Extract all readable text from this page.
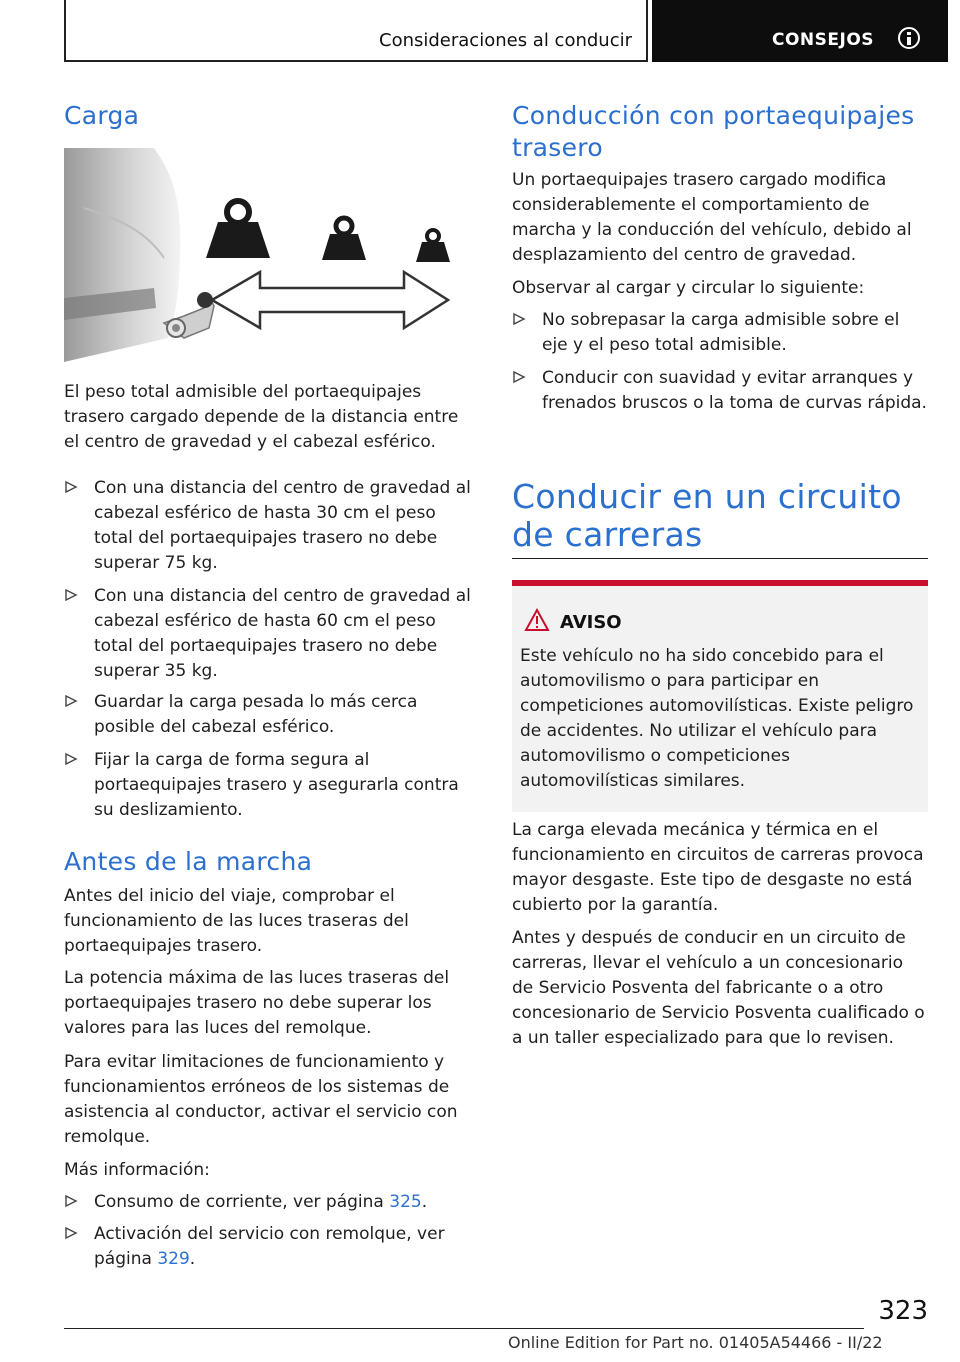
Consideraciones al conducir	CONSEJOS
Carga

El peso total admisible del portaequipajes trasero cargado depende de la distancia entre el centro de gravedad y el cabezal esférico.

Con una distancia del centro de gravedad al cabezal esférico de hasta 30 cm el peso total del portaequipajes trasero no debe superar 75 kg.
Con una distancia del centro de gravedad al cabezal esférico de hasta 60 cm el peso total del portaequipajes trasero no debe superar 35 kg.
Guardar la carga pesada lo más cerca posible del cabezal esférico.
Fijar la carga de forma segura al portaequipajes trasero y asegurarla contra su deslizamiento.
Antes de la marcha

Antes del inicio del viaje, comprobar el funcionamiento de las luces traseras del portaequipajes trasero.

La potencia máxima de las luces traseras del portaequipajes trasero no debe superar los valores para las luces del remolque.

Para evitar limitaciones de funcionamiento y funcionamientos erróneos de los sistemas de asistencia al conductor, activar el servicio con remolque.

Más información:

Consumo de corriente, ver página 325.
Activación del servicio con remolque, ver página 329.
Conducción con portaequipajes trasero

Un portaequipajes trasero cargado modifica considerablemente el comportamiento de marcha y la conducción del vehículo, debido al desplazamiento del centro de gravedad.

Observar al cargar y circular lo siguiente:

No sobrepasar la carga admisible sobre el eje y el peso total admisible.
Conducir con suavidad y evitar arranques y frenados bruscos o la toma de curvas rápida.
Conducir en un circuito de carreras
AVISO

Este vehículo no ha sido concebido para el automovilismo o para participar en competiciones automovilísticas. Existe peligro de accidentes. No utilizar el vehículo para automovilismo o competiciones automovilísticas similares.

La carga elevada mecánica y térmica en el funcionamiento en circuitos de carreras provoca mayor desgaste. Este tipo de desgaste no está cubierto por la garantía.

Antes y después de conducir en un circuito de carreras, llevar el vehículo a un concesionario de Servicio Posventa del fabricante o a otro concesionario de Servicio Posventa cualificado o a un taller especializado para que lo revisen.

323
Online Edition for Part no. 01405A54466 - II/22
